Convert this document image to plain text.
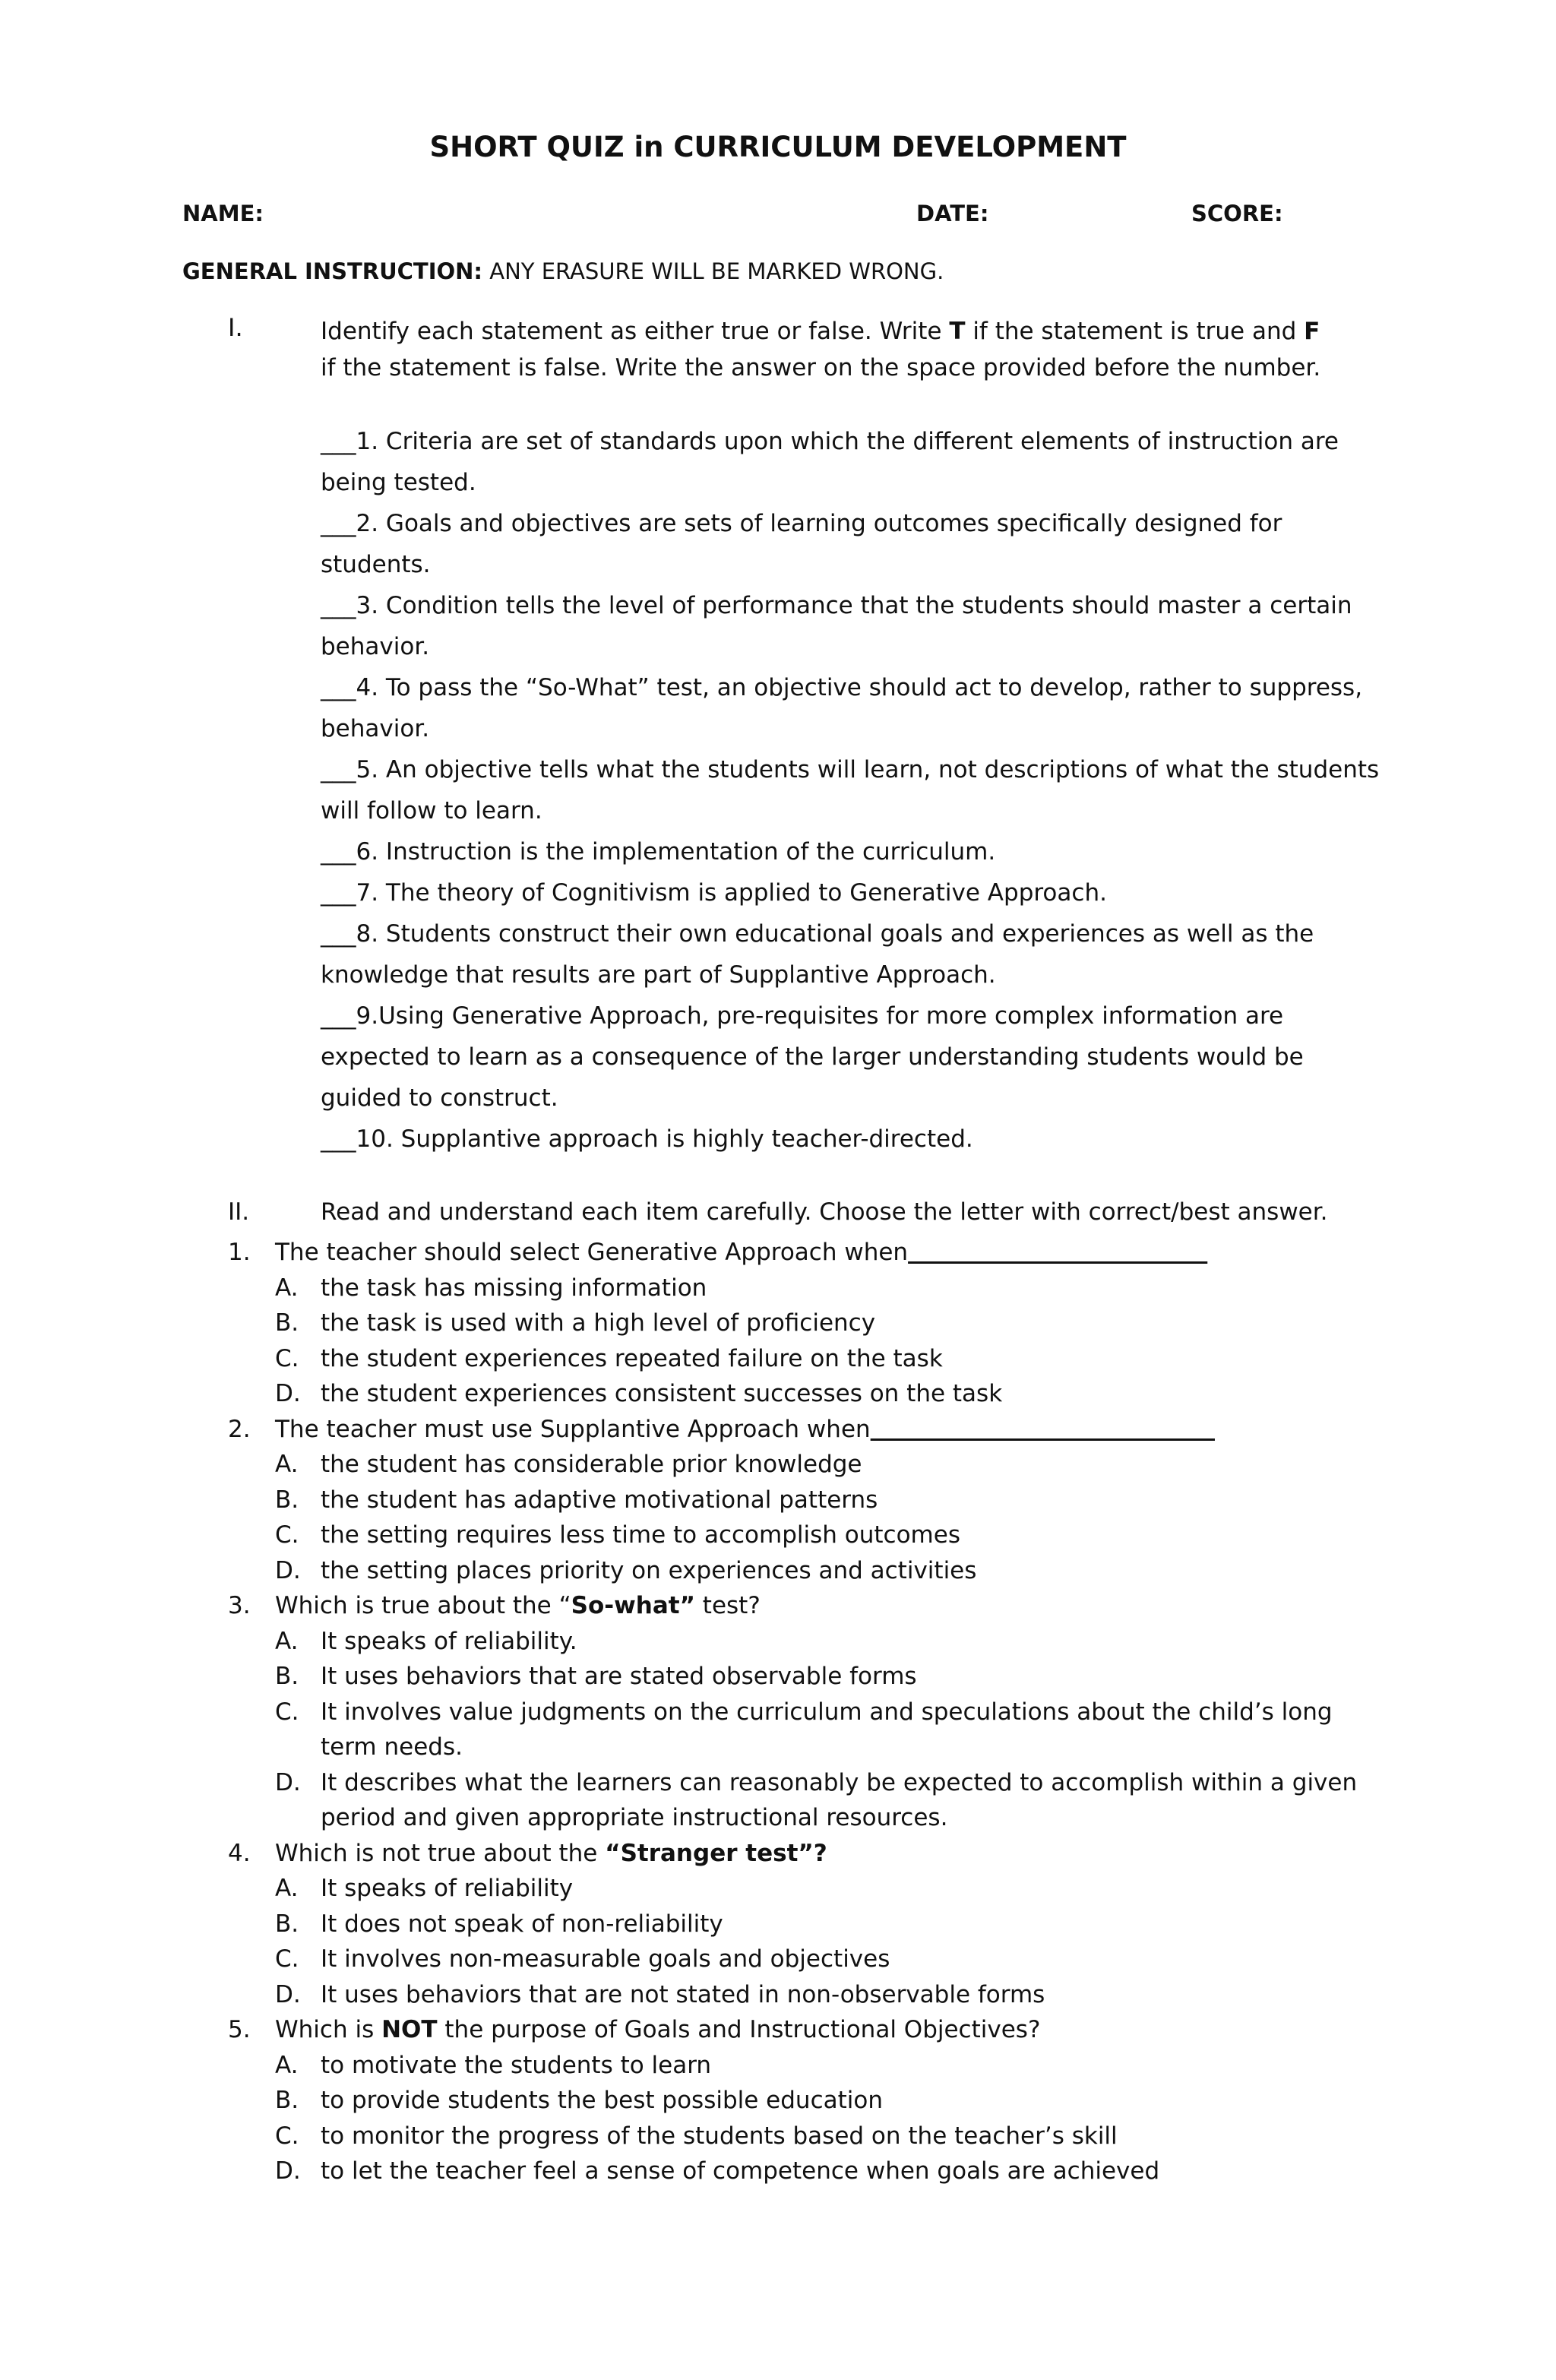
SHORT QUIZ in CURRICULUM DEVELOPMENT
NAME:	DATE:	SCORE:
GENERAL INSTRUCTION: ANY ERASURE WILL BE MARKED WRONG.
I.	Identify each statement as either true or false. Write T if the statement is true and F
if the statement is false. Write the answer on the space provided before the number.

___1. Criteria are set of standards upon which the different elements of instruction are being tested.

___2. Goals and objectives are sets of learning outcomes specifically designed for students.

___3. Condition tells the level of performance that the students should master a certain behavior.

___4. To pass the “So-What” test, an objective should act to develop, rather to suppress, behavior.

___5. An objective tells what the students will learn, not descriptions of what the students will follow to learn.

___6. Instruction is the implementation of the curriculum.

___7. The theory of Cognitivism is applied to Generative Approach.

___8. Students construct their own educational goals and experiences as well as the knowledge that results are part of Supplantive Approach.

___9.Using Generative Approach, pre-requisites for more complex information are expected to learn as a consequence of the larger understanding students would be guided to construct.

___10. Supplantive approach is highly teacher-directed.

II.	Read and understand each item carefully. Choose the letter with correct/best answer.
1.	The teacher should select Generative Approach when
A. the task has missing information
B. the task is used with a high level of proficiency
C. the student experiences repeated failure on the task
D. the student experiences consistent successes on the task
2.	The teacher must use Supplantive Approach when
A. the student has considerable prior knowledge
B. the student has adaptive motivational patterns
C. the setting requires less time to accomplish outcomes
D. the setting places priority on experiences and activities
3.	Which is true about the “So-what” test?
A. It speaks of reliability.
B. It uses behaviors that are stated observable forms
C. It involves value judgments on the curriculum and speculations about the child’s long term needs.
D. It describes what the learners can reasonably be expected to accomplish within a given period and given appropriate instructional resources.
4.	Which is not true about the “Stranger test”?
A. It speaks of reliability
B. It does not speak of non-reliability
C. It involves non-measurable goals and objectives
D. It uses behaviors that are not stated in non-observable forms
5.	Which is NOT the purpose of Goals and Instructional Objectives?
A. to motivate the students to learn
B. to provide students the best possible education
C. to monitor the progress of the students based on the teacher’s skill
D. to let the teacher feel a sense of competence when goals are achieved
